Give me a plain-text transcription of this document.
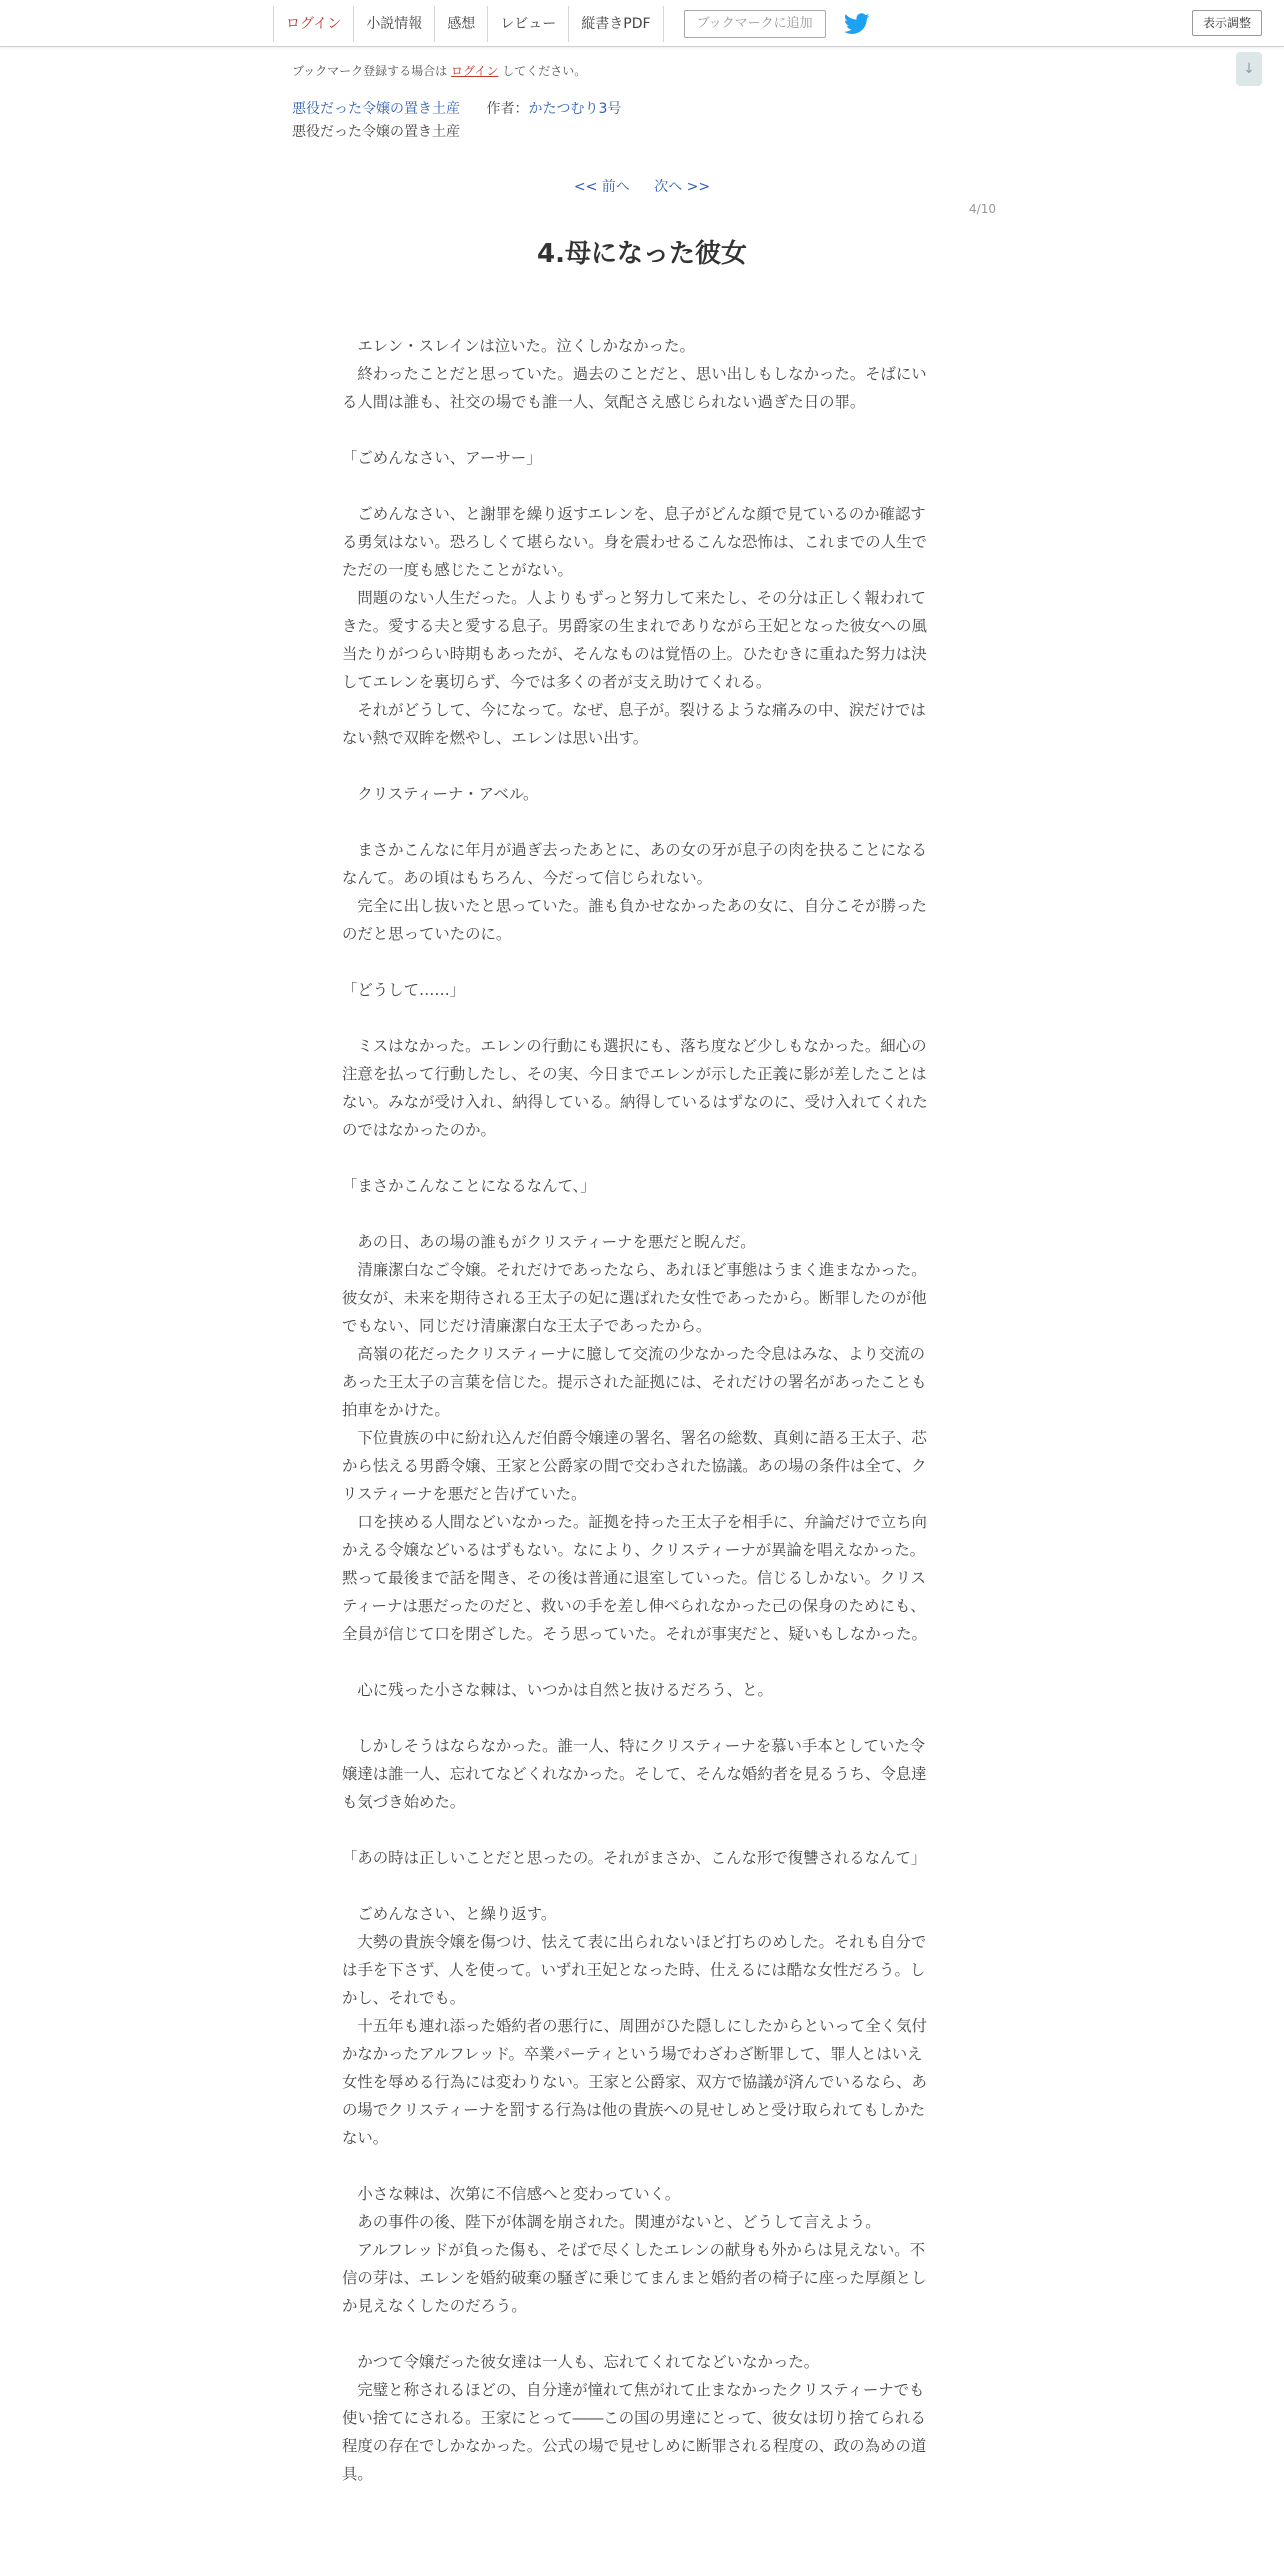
ログイン	小説情報	感想	レビュー	縦書きPDF	ブックマークに追加	表示調整
↓
ブックマーク登録する場合は ログイン してください。
悪役だった令嬢の置き土産 作者：かたつむり3号
悪役だった令嬢の置き土産
<< 前へ 次へ >>
4/10
4.母になった彼女

　エレン・スレインは泣いた。泣くしかなかった。

　終わったことだと思っていた。過去のことだと、思い出しもしなかった。そばにいる人間は誰も、社交の場でも誰一人、気配さえ感じられない過ぎた日の罪。

「ごめんなさい、アーサー」

　ごめんなさい、と謝罪を繰り返すエレンを、息子がどんな顔で見ているのか確認する勇気はない。恐ろしくて堪らない。身を震わせるこんな恐怖は、これまでの人生でただの一度も感じたことがない。

　問題のない人生だった。人よりもずっと努力して来たし、その分は正しく報われてきた。愛する夫と愛する息子。男爵家の生まれでありながら王妃となった彼女への風当たりがつらい時期もあったが、そんなものは覚悟の上。ひたむきに重ねた努力は決してエレンを裏切らず、今では多くの者が支え助けてくれる。

　それがどうして、今になって。なぜ、息子が。裂けるような痛みの中、涙だけではない熱で双眸を燃やし、エレンは思い出す。

　クリスティーナ・アベル。

　まさかこんなに年月が過ぎ去ったあとに、あの女の牙が息子の肉を抉ることになるなんて。あの頃はもちろん、今だって信じられない。

　完全に出し抜いたと思っていた。誰も負かせなかったあの女に、自分こそが勝ったのだと思っていたのに。

「どうして……」

　ミスはなかった。エレンの行動にも選択にも、落ち度など少しもなかった。細心の注意を払って行動したし、その実、今日までエレンが示した正義に影が差したことはない。みなが受け入れ、納得している。納得しているはずなのに、受け入れてくれたのではなかったのか。

「まさかこんなことになるなんて、」

　あの日、あの場の誰もがクリスティーナを悪だと睨んだ。

　清廉潔白なご令嬢。それだけであったなら、あれほど事態はうまく進まなかった。彼女が、未来を期待される王太子の妃に選ばれた女性であったから。断罪したのが他でもない、同じだけ清廉潔白な王太子であったから。

　高嶺の花だったクリスティーナに臆して交流の少なかった令息はみな、より交流のあった王太子の言葉を信じた。提示された証拠には、それだけの署名があったことも拍車をかけた。

　下位貴族の中に紛れ込んだ伯爵令嬢達の署名、署名の総数、真剣に語る王太子、芯から怯える男爵令嬢、王家と公爵家の間で交わされた協議。あの場の条件は全て、クリスティーナを悪だと告げていた。

　口を挟める人間などいなかった。証拠を持った王太子を相手に、弁論だけで立ち向かえる令嬢などいるはずもない。なにより、クリスティーナが異論を唱えなかった。黙って最後まで話を聞き、その後は普通に退室していった。信じるしかない。クリスティーナは悪だったのだと、救いの手を差し伸べられなかった己の保身のためにも、全員が信じて口を閉ざした。そう思っていた。それが事実だと、疑いもしなかった。

　心に残った小さな棘は、いつかは自然と抜けるだろう、と。

　しかしそうはならなかった。誰一人、特にクリスティーナを慕い手本としていた令嬢達は誰一人、忘れてなどくれなかった。そして、そんな婚約者を見るうち、令息達も気づき始めた。

「あの時は正しいことだと思ったの。それがまさか、こんな形で復讐されるなんて」

　ごめんなさい、と繰り返す。

　大勢の貴族令嬢を傷つけ、怯えて表に出られないほど打ちのめした。それも自分では手を下さず、人を使って。いずれ王妃となった時、仕えるには酷な女性だろう。しかし、それでも。

　十五年も連れ添った婚約者の悪行に、周囲がひた隠しにしたからといって全く気付かなかったアルフレッド。卒業パーティという場でわざわざ断罪して、罪人とはいえ女性を辱める行為には変わりない。王家と公爵家、双方で協議が済んでいるなら、あの場でクリスティーナを罰する行為は他の貴族への見せしめと受け取られてもしかたない。

　小さな棘は、次第に不信感へと変わっていく。

　あの事件の後、陛下が体調を崩された。関連がないと、どうして言えよう。

　アルフレッドが負った傷も、そばで尽くしたエレンの献身も外からは見えない。不信の芽は、エレンを婚約破棄の騒ぎに乗じてまんまと婚約者の椅子に座った厚顔としか見えなくしたのだろう。

　かつて令嬢だった彼女達は一人も、忘れてくれてなどいなかった。

　完璧と称されるほどの、自分達が憧れて焦がれて止まなかったクリスティーナでも使い捨てにされる。王家にとって――この国の男達にとって、彼女は切り捨てられる程度の存在でしかなかった。公式の場で見せしめに断罪される程度の、政の為めの道具。
